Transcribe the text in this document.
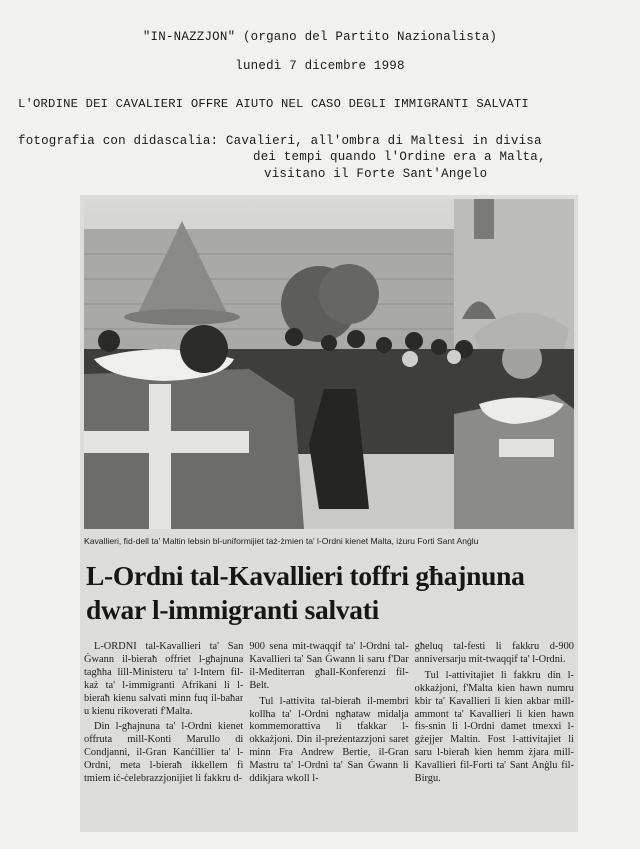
"IN-NAZZJON" (organo del Partito Nazionalista)
lunedì 7 dicembre 1998
L'ORDINE DEI CAVALIERI OFFRE AIUTO NEL CASO DEGLI IMMIGRANTI SALVATI
fotografia con didascalia: Cavalieri, all'ombra di Maltesi in divisa
dei tempi quando l'Ordine era a Malta,
visitano il Forte Sant'Angelo
Kavallieri, fid-dell ta' Maltin lebsin bl-uniformijiet taż-żmien ta' l-Ordni kienet Malta, iżuru Forti Sant Anġlu
L-Ordni tal-Kavallieri toffri għajnuna
dwar l-immigranti salvati

L-ORDNI tal-Kavallieri ta' San Ġwann il-bieraħ offriet l-għajnuna tagħha lill-Ministeru ta' l-Intern fil-każ ta' l-immigranti Afrikani li l-bieraħ kienu salvati minn fuq il-baħar u kienu rikoverati f'Malta.

Din l-għajnuna ta' l-Ordni kienet offruta mill-Konti Marullo di Condjanni, il-Gran Kanċillier ta' l-Ordni, meta l-bieraħ ikkellem fi tmiem iċ-ċelebrazzjonijiet li fakkru d-

900 sena mit-twaqqif ta' l-Ordni tal-Kavallieri ta' San Ġwann li saru f'Dar il-Mediterran għall-Konferenzi fil-Belt.

Tul l-attivita tal-bieraħ il-membri kollha ta' l-Ordni ngħataw midalja kommemorattiva li tfakkar l-okkażjoni. Din il-preżentazzjoni saret minn Fra Andrew Bertie, il-Gran Mastru ta' l-Ordni ta' San Ġwann li ddikjara wkoll l-

għeluq tal-festi li fakkru d-900 anniversarju mit-twaqqif ta' l-Ordni.

Tul l-attivitajiet li fakkru din l-okkażjoni, f'Malta kien hawn numru kbir ta' Kavallieri li kien akbar mill-ammont ta' Kavallieri li kien hawn fis-snin li l-Ordni damet tmexxi l-gżejjer Maltin. Fost l-attivitajiet li saru l-bieraħ kien hemm żjara mill-Kavallieri fil-Forti ta' Sant Anġlu fil-Birgu.
